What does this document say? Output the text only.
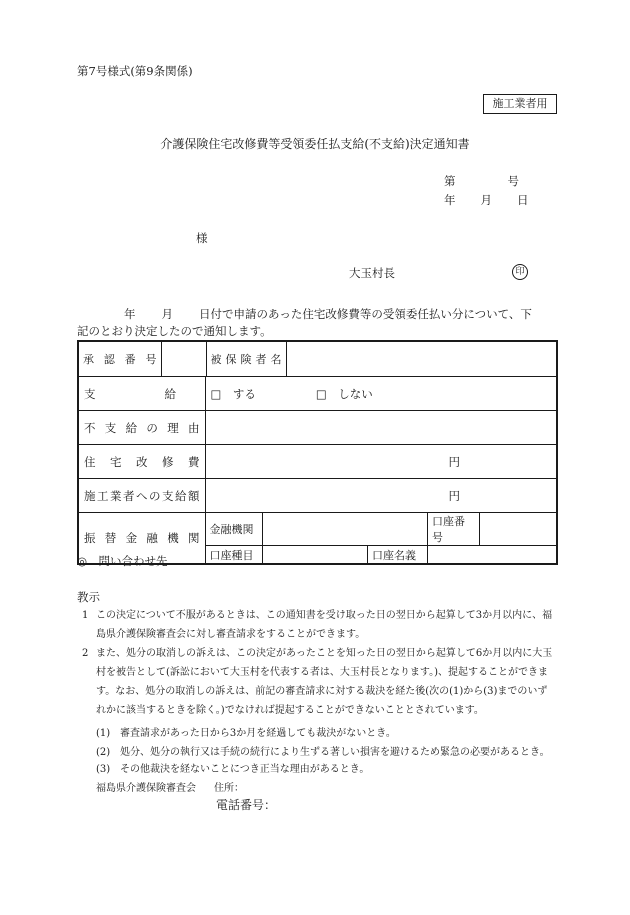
第7号様式(第9条関係)
施工業者用
介護保険住宅改修費等受領委任払支給(不支給)決定通知書
第	号
年 月 日
様
大玉村長	印
年 月 日付で申請のあった住宅改修費等の受領委任払い分について、下
記のとおり決定したので通知します。
承認番号		被保険者名	

支　　　　　　給	□　する	□　しない
不支給の理由	
住宅改修費	円
施工業者への支給額	円
振替金融機関	
金融機関		口座番号	
口座種目		口座名義	
◎　問い合わせ先
教示
1 この決定について不服があるときは、この通知書を受け取った日の翌日から起算して3か月以内に、福島県介護保険審査会に対し審査請求をすることができます。
2 また、処分の取消しの訴えは、この決定があったことを知った日の翌日から起算して6か月以内に大玉村を被告として(訴訟において大玉村を代表する者は、大玉村長となります。)、提起することができます。なお、処分の取消しの訴えは、前記の審査請求に対する裁決を経た後(次の(1)から(3)までのいずれかに該当するときを除く。)でなければ提起することができないこととされています。
(1) 審査請求があった日から3か月を経過しても裁決がないとき。
(2) 処分、処分の執行又は手続の続行により生ずる著しい損害を避けるため緊急の必要があるとき。
(3) その他裁決を経ないことにつき正当な理由があるとき。
福島県介護保険審査会 住所：
電話番号：
